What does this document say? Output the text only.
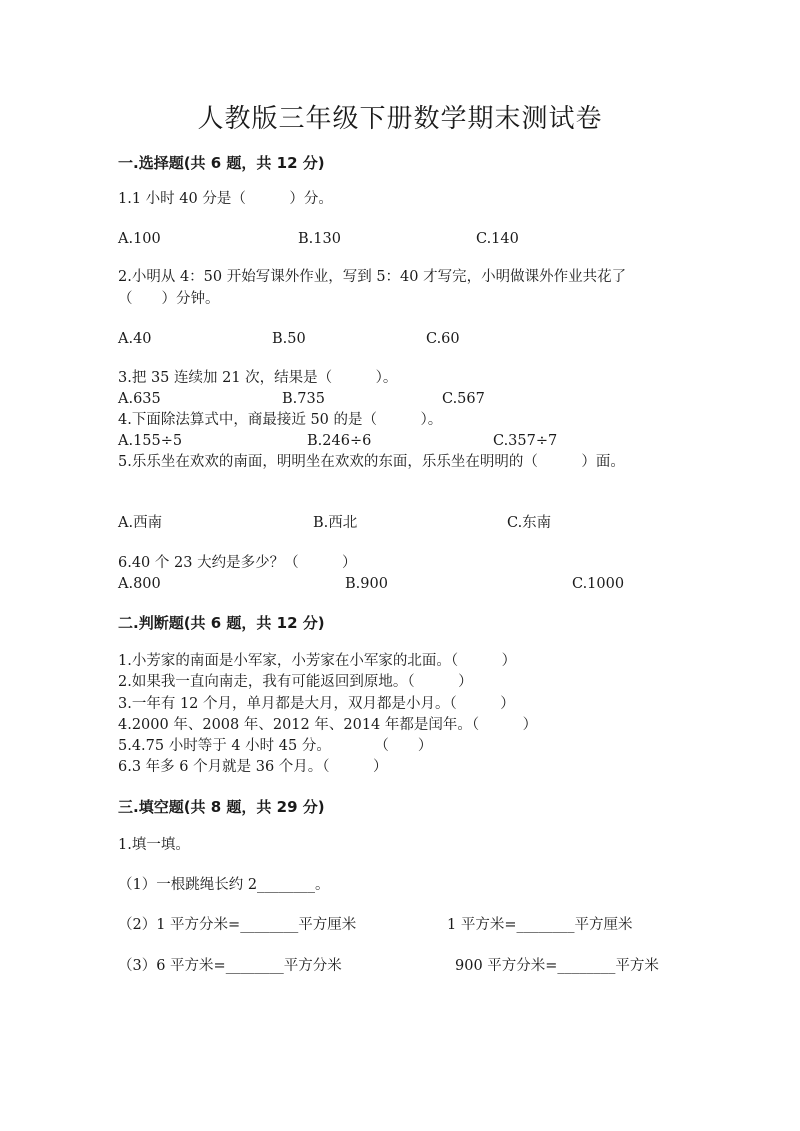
人教版三年级下册数学期末测试卷
一.选择题(共 6 题，共 12 分)
1.1 小时 40 分是（　　　）分。
A.100	B.130	C.140
2.小明从 4：50 开始写课外作业，写到 5：40 才写完，小明做课外作业共花了
（　　）分钟。
A.40	B.50	C.60
3.把 35 连续加 21 次，结果是（　　　）。
A.635	B.735	C.567
4.下面除法算式中，商最接近 50 的是（　　　）。
A.155÷5	B.246÷6	C.357÷7
5.乐乐坐在欢欢的南面，明明坐在欢欢的东面，乐乐坐在明明的（　　　）面。
A.西南	B.西北	C.东南
6.40 个 23 大约是多少？（　　　）
A.800	B.900	C.1000
二.判断题(共 6 题，共 12 分)
1.小芳家的南面是小军家，小芳家在小军家的北面。（　　　）
2.如果我一直向南走，我有可能返回到原地。（　　　）
3.一年有 12 个月，单月都是大月，双月都是小月。（　　　）
4.2000 年、2008 年、2012 年、2014 年都是闰年。（　　　）
5.4.75 小时等于 4 小时 45 分。　　　　（　　）
6.3 年多 6 个月就是 36 个月。（　　　）
三.填空题(共 8 题，共 29 分)
1.填一填。
（1）一根跳绳长约 2________。
（2）1 平方分米=________平方厘米	1 平方米=________平方厘米
（3）6 平方米=________平方分米	900 平方分米=________平方米
